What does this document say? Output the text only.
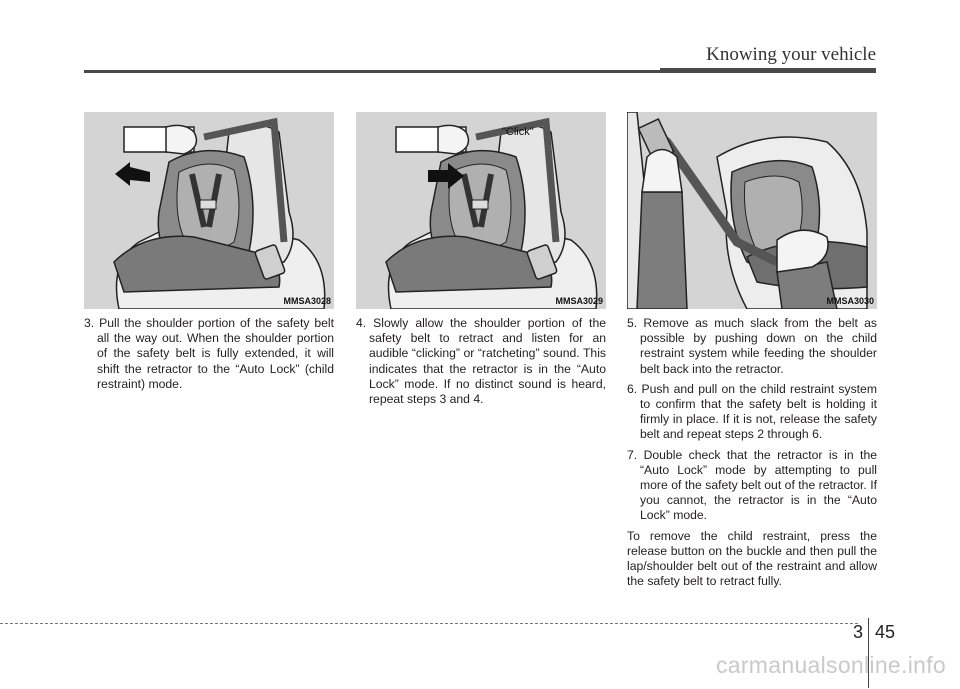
Knowing your vehicle
MMSA3028
"Click"
MMSA3029	MMSA3030

3. Pull the shoulder portion of the safety belt all the way out. When the shoulder portion of the safety belt is fully extended, it will shift the retractor to the “Auto Lock” (child restraint) mode.

4. Slowly allow the shoulder portion of the safety belt to retract and listen for an audible “clicking” or “ratcheting” sound. This indicates that the retractor is in the “Auto Lock” mode. If no distinct sound is heard, repeat steps 3 and 4.

5. Remove as much slack from the belt as possible by pushing down on the child restraint system while feeding the shoulder belt back into the retractor.

6. Push and pull on the child restraint system to confirm that the safety belt is holding it firmly in place. If it is not, release the safety belt and repeat steps 2 through 6.

7. Double check that the retractor is in the “Auto Lock” mode by attempting to pull more of the safety belt out of the retractor. If you cannot, the retractor is in the “Auto Lock” mode.

To remove the child restraint, press the release button on the buckle and then pull the lap/shoulder belt out of the restraint and allow the safety belt to retract fully.

3 45
carmanualsonline.info
